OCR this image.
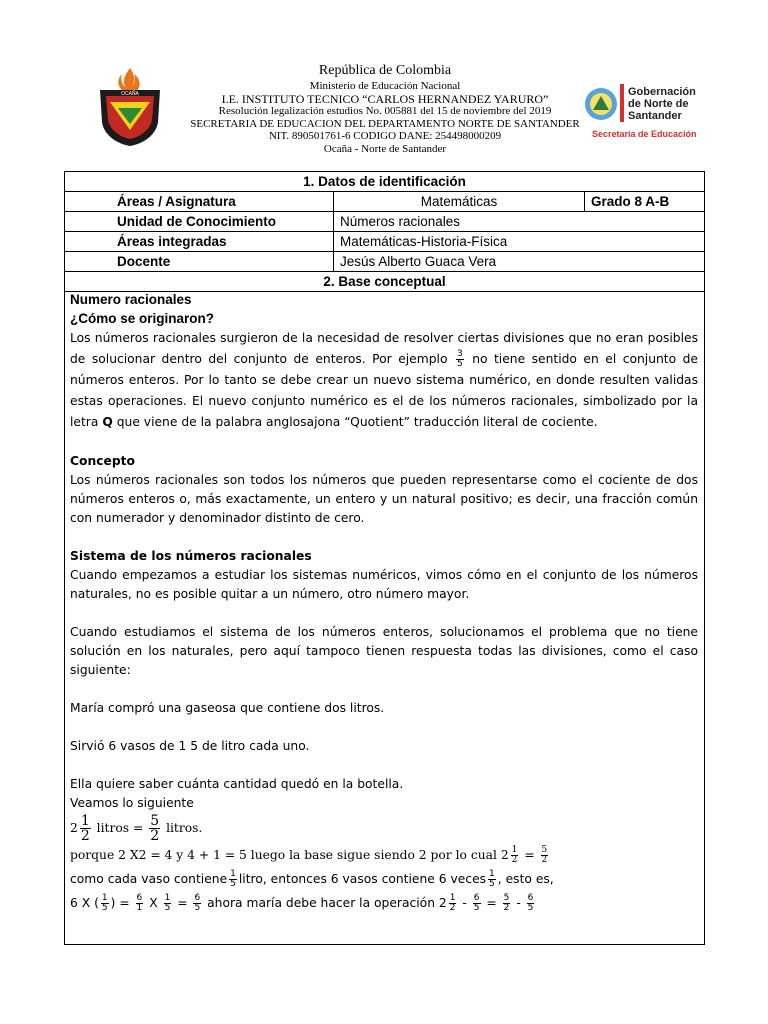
OCAÑA
República de Colombia
Ministerio de Educación Nacional
I.E. INSTITUTO TECNICO “CARLOS HERNANDEZ YARURO”
Resolución legalización estudios No. 005881 del 15 de noviembre del 2019
SECRETARIA DE EDUCACION DEL DEPARTAMENTO NORTE DE SANTANDER
NIT. 890501761-6 CODIGO DANE: 254498000209
Ocaña - Norte de Santander
Gobernación
de Norte de
Santander
Secretaría de Educación
1. Datos de identificación		
Áreas / Asignatura	Matemáticas	Grado 8 A-B
Unidad de Conocimiento	Números racionales	
Áreas integradas	Matemáticas-Historia-Física	
Docente	Jesús Alberto Guaca Vera	
2. Base conceptual		

Numero racionales

¿Cómo se originaron?

Los números racionales surgieron de la necesidad de resolver ciertas divisiones que no eran posibles de solucionar dentro del conjunto de enteros. Por ejemplo $\frac{3}{5}$ no tiene sentido en el conjunto de números enteros. Por lo tanto se debe crear un nuevo sistema numérico, en donde resulten validas estas operaciones. El nuevo conjunto numérico es el de los números racionales, simbolizado por la letra Q que viene de la palabra anglosajona “Quotient” traducción literal de cociente.

Concepto

Los números racionales son todos los números que pueden representarse como el cociente de dos números enteros o, más exactamente, un entero y un natural positivo; es decir, una fracción común con numerador y denominador distinto de cero.

Sistema de los números racionales

Cuando empezamos a estudiar los sistemas numéricos, vimos cómo en el conjunto de los números naturales, no es posible quitar a un número, otro número mayor.

Cuando estudiamos el sistema de los números enteros, solucionamos el problema que no tiene solución en los naturales, pero aquí tampoco tienen respuesta todas las divisiones, como el caso siguiente:

María compró una gaseosa que contiene dos litros.

Sirvió 6 vasos de 1 5 de litro cada uno.

Ella quiere saber cuánta cantidad quedó en la botella.

Veamos lo siguiente

$2 \frac{1}{2}$ litros = $\frac{5}{2}$ litros.

porque 2 X2 = 4 y 4 + 1 = 5 luego la base sigue siendo 2 por lo cual $2 \frac{1}{2} = \frac{5}{2}$

como cada vaso contiene $\frac{1}{5}$ litro, entonces 6 vasos contiene 6 veces $\frac{1}{5}$ , esto es,

6 X ( $\frac{1}{5}$ ) = $\frac{6}{1}$ X $\frac{1}{5} = \frac{6}{5}$ ahora maría debe hacer la operación $2 \frac{1}{2} - \frac{6}{5} = \frac{5}{2} - \frac{6}{5}$
